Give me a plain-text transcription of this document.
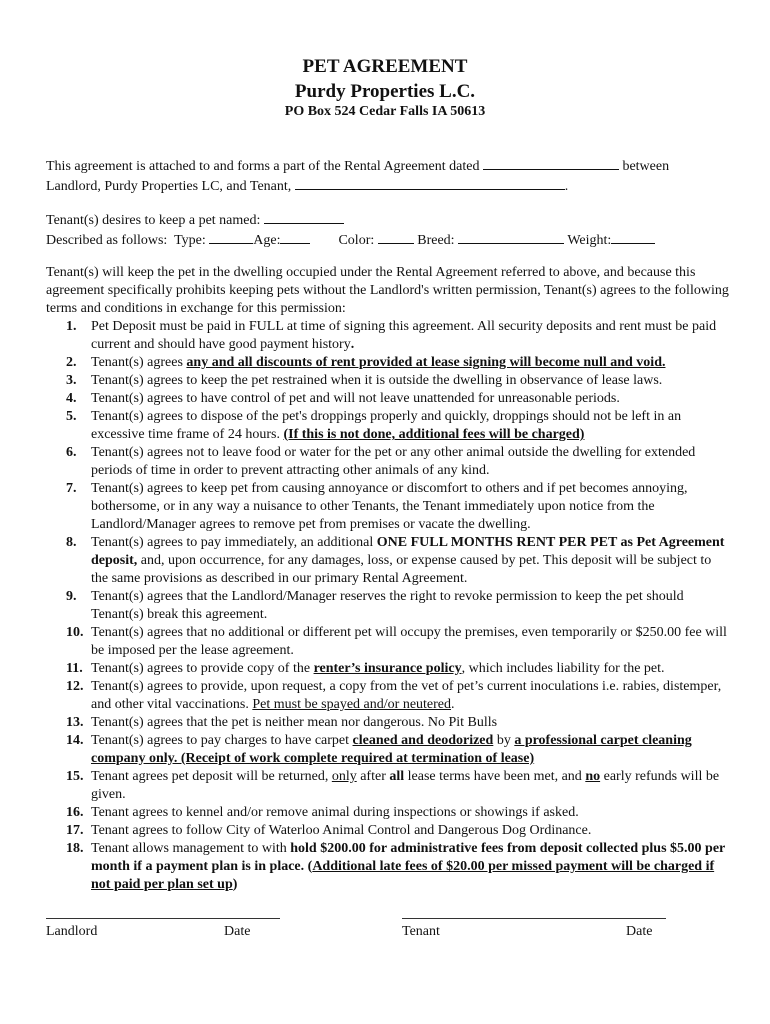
PET AGREEMENT
Purdy Properties L.C.
PO Box 524 Cedar Falls IA 50613
This agreement is attached to and forms a part of the Rental Agreement dated	between
Landlord, Purdy Properties LC, and Tenant,	.
Tenant(s) desires to keep a pet named:
Described as follows: Type:	Age:	Color:	Breed:	Weight:
Tenant(s) will keep the pet in the dwelling occupied under the Rental Agreement referred to above, and because this agreement specifically prohibits keeping pets without the Landlord's written permission, Tenant(s) agrees to the following terms and conditions in exchange for this permission:
1. Pet Deposit must be paid in FULL at time of signing this agreement. All security deposits and rent must be paid current and should have good payment history.
2. Tenant(s) agrees any and all discounts of rent provided at lease signing will become null and void.
3. Tenant(s) agrees to keep the pet restrained when it is outside the dwelling in observance of lease laws.
4. Tenant(s) agrees to have control of pet and will not leave unattended for unreasonable periods.
5. Tenant(s) agrees to dispose of the pet's droppings properly and quickly, droppings should not be left in an excessive time frame of 24 hours. (If this is not done, additional fees will be charged)
6. Tenant(s) agrees not to leave food or water for the pet or any other animal outside the dwelling for extended periods of time in order to prevent attracting other animals of any kind.
7. Tenant(s) agrees to keep pet from causing annoyance or discomfort to others and if pet becomes annoying, bothersome, or in any way a nuisance to other Tenants, the Tenant immediately upon notice from the Landlord/Manager agrees to remove pet from premises or vacate the dwelling.
8. Tenant(s) agrees to pay immediately, an additional ONE FULL MONTHS RENT PER PET as Pet Agreement deposit, and, upon occurrence, for any damages, loss, or expense caused by pet. This deposit will be subject to the same provisions as described in our primary Rental Agreement.
9. Tenant(s) agrees that the Landlord/Manager reserves the right to revoke permission to keep the pet should Tenant(s) break this agreement.
10. Tenant(s) agrees that no additional or different pet will occupy the premises, even temporarily or $250.00 fee will be imposed per the lease agreement.
11. Tenant(s) agrees to provide copy of the renter’s insurance policy, which includes liability for the pet.
12. Tenant(s) agrees to provide, upon request, a copy from the vet of pet’s current inoculations i.e. rabies, distemper, and other vital vaccinations. Pet must be spayed and/or neutered.
13. Tenant(s) agrees that the pet is neither mean nor dangerous. No Pit Bulls
14. Tenant(s) agrees to pay charges to have carpet cleaned and deodorized by a professional carpet cleaning company only. (Receipt of work complete required at termination of lease)
15. Tenant agrees pet deposit will be returned, only after all lease terms have been met, and no early refunds will be given.
16. Tenant agrees to kennel and/or remove animal during inspections or showings if asked.
17. Tenant agrees to follow City of Waterloo Animal Control and Dangerous Dog Ordinance.
18. Tenant allows management to with hold $200.00 for administrative fees from deposit collected plus $5.00 per month if a payment plan is in place. (Additional late fees of $20.00 per missed payment will be charged if not paid per plan set up)
Landlord	Date	Tenant	Date
